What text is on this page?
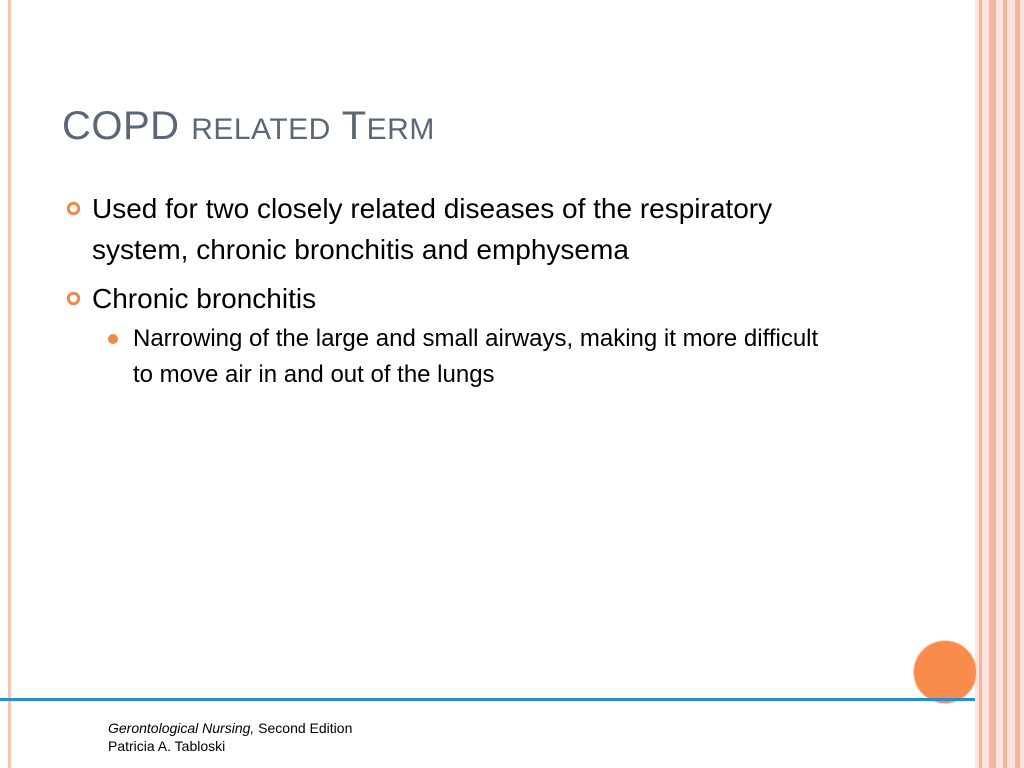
COPD RELATED TERM
Used for two closely related diseases of the respiratory system, chronic bronchitis and emphysema
Chronic bronchitis
Narrowing of the large and small airways, making it more difficult to move air in and out of the lungs
Gerontological Nursing, Second Edition
Patricia A. Tabloski
